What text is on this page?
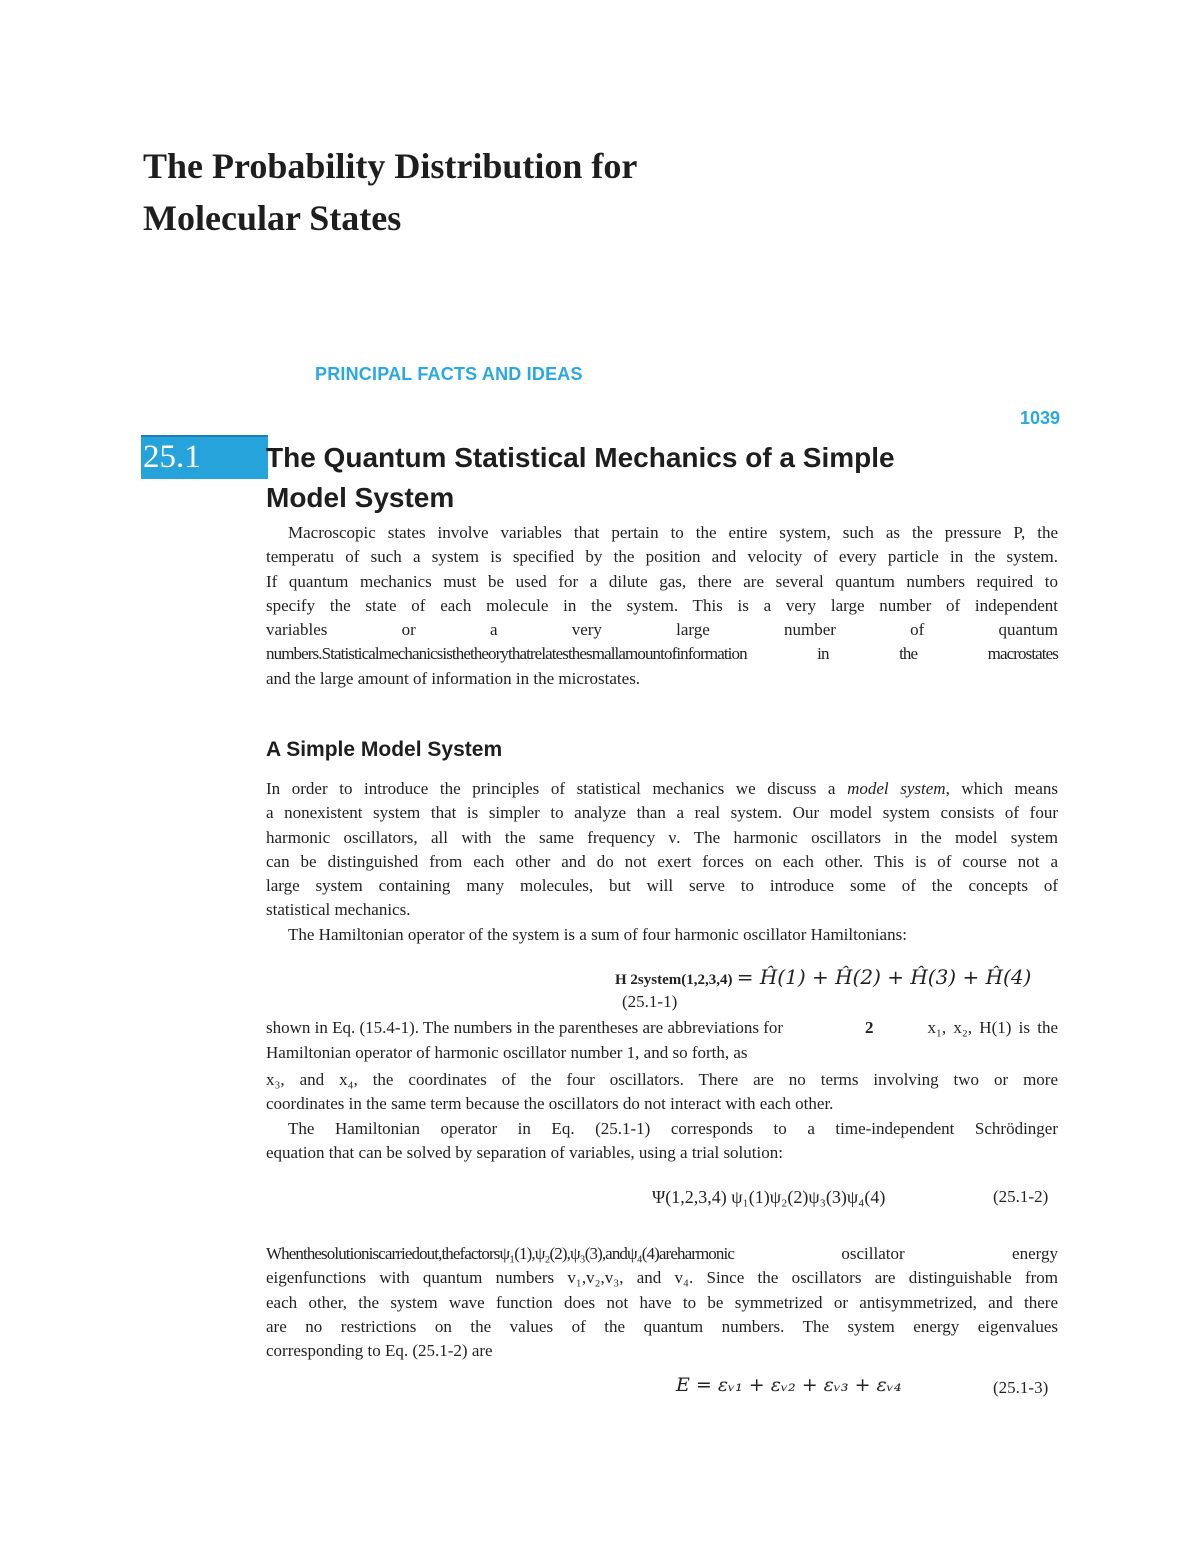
The Probability Distribution for
Molecular States
PRINCIPAL FACTS AND IDEAS
1039
25.1	The Quantum Statistical Mechanics of a Simple
Model System
Macroscopic states involve variables that pertain to the entire system, such as the pressure P, the
temperatu of such a system is specified by the position and velocity of every particle in the system.
If quantum mechanics must be used for a dilute gas, there are several quantum numbers required to
specify the state of each molecule in the system. This is a very large number of independent
variables or a very large number of quantum
numbers.Statisticalmechanicsisthetheorythatrelatesthesmallamountofinformation in the macrostates
and the large amount of information in the microstates.
A Simple Model System
In order to introduce the principles of statistical mechanics we discuss a model system, which means
a nonexistent system that is simpler to analyze than a real system. Our model system consists of four
harmonic oscillators, all with the same frequency ν. The harmonic oscillators in the model system
can be distinguished from each other and do not exert forces on each other. This is of course not a
large system containing many molecules, but will serve to introduce some of the concepts of
statistical mechanics.
The Hamiltonian operator of the system is a sum of four harmonic oscillator Hamiltonians:
H 2system(1,2,3,4) = Ĥ(1) + Ĥ(2) + Ĥ(3) + Ĥ(4)
(25.1-1)
shown in Eq. (15.4-1). The numbers in the parentheses are abbreviations for	2	x₁, x₂, H(1) is the
Hamiltonian operator of harmonic oscillator number 1, and so forth, as
x₃, and x₄, the coordinates of the four oscillators. There are no terms involving two or more
coordinates in the same term because the oscillators do not interact with each other.
The Hamiltonian operator in Eq. (25.1-1) corresponds to a time-independent Schrödinger
equation that can be solved by separation of variables, using a trial solution:
Ψ(1,2,3,4) ψ₁(1)ψ₂(2)ψ₃(3)ψ₄(4)	(25.1-2)
Whenthesolutioniscarriedout,thefactorsψ₁(1),ψ₂(2),ψ₃(3),andψ₄(4)areharmonic	oscillator	energy
eigenfunctions with quantum numbers v₁,v₂,v₃, and v₄. Since the oscillators are distinguishable from
each other, the system wave function does not have to be symmetrized or antisymmetrized, and there
are no restrictions on the values of the quantum numbers. The system energy eigenvalues
corresponding to Eq. (25.1-2) are
E = εᵥ₁ + εᵥ₂ + εᵥ₃ + εᵥ₄	(25.1-3)
